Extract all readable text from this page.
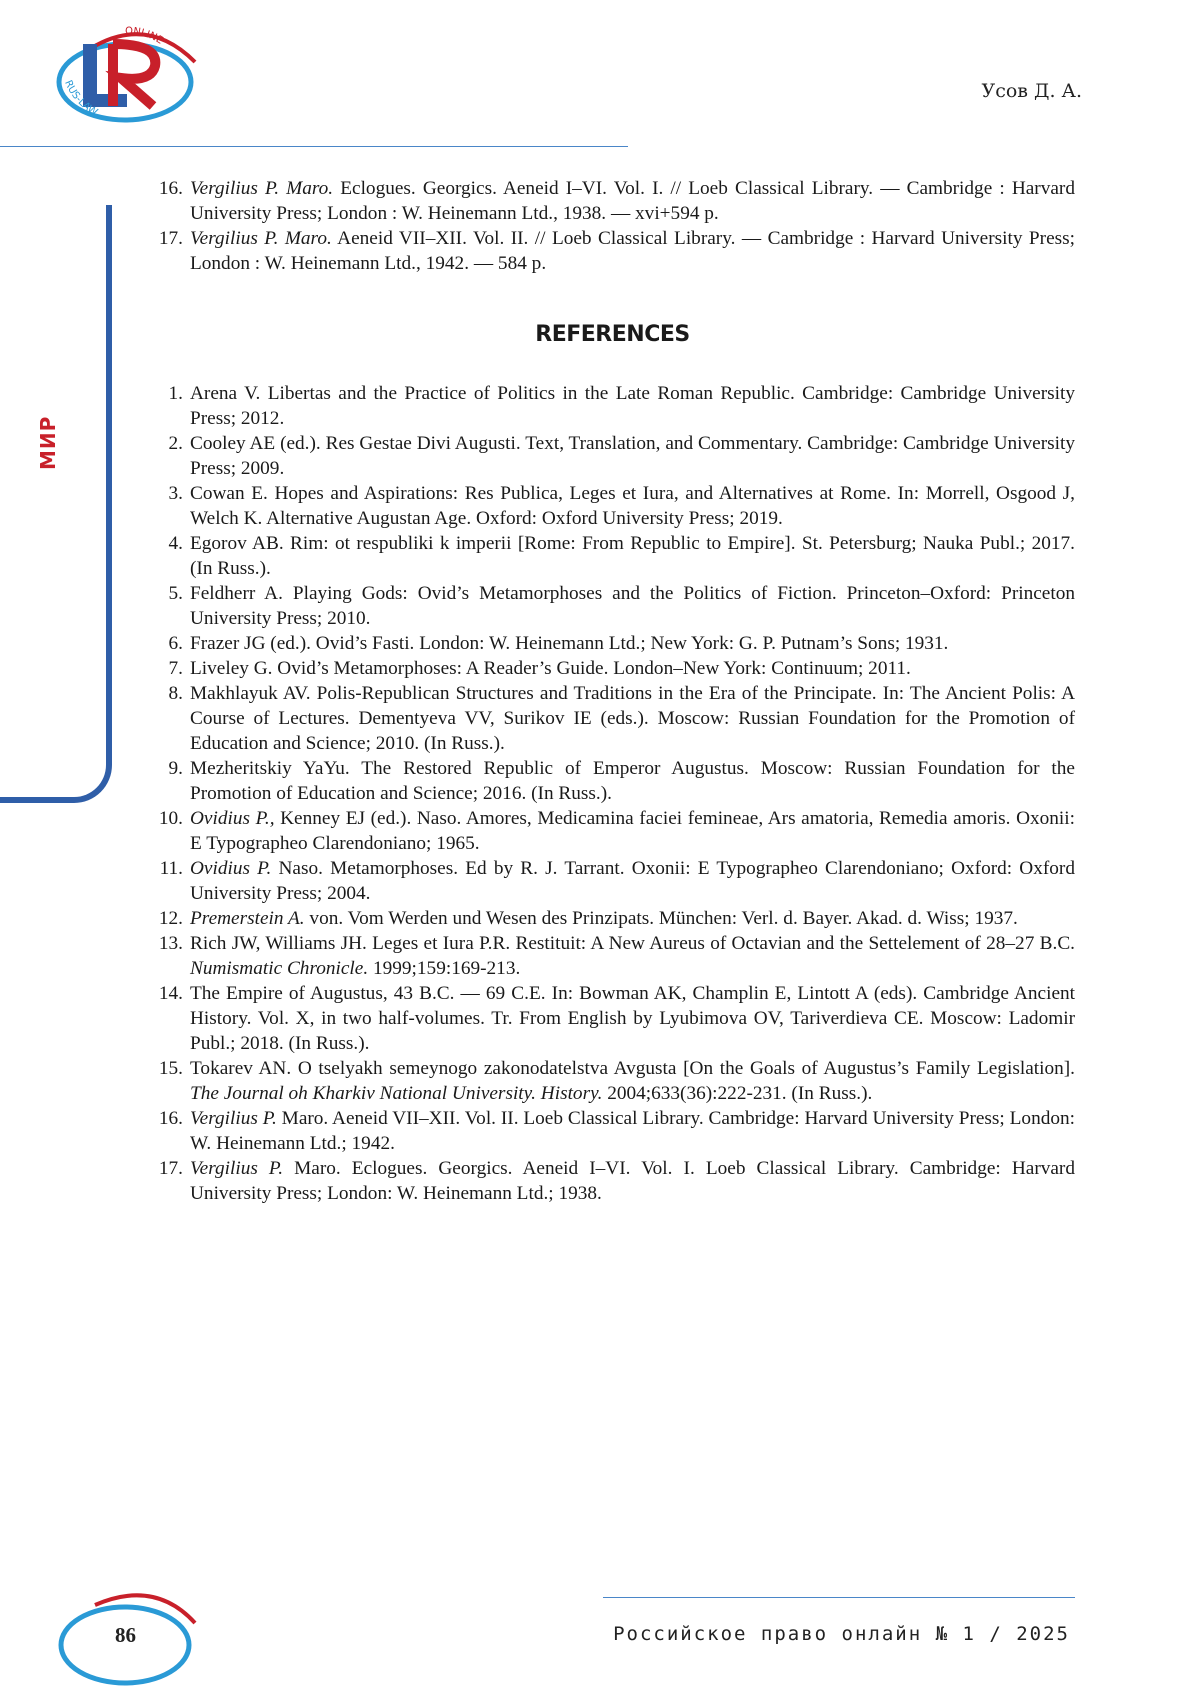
ONLINE
RUS-LAW
Усов Д. А.
МИР
16. Vergilius P. Maro. Eclogues. Georgics. Aeneid I–VI. Vol. I. // Loeb Classical Library. — Cambridge : Harvard University Press; London : W. Heinemann Ltd., 1938. — xvi+594 p.
17. Vergilius P. Maro. Aeneid VII–XII. Vol. II. // Loeb Classical Library. — Cambridge : Harvard University Press; London : W. Heinemann Ltd., 1942. — 584 p.
REFERENCES
1. Arena V. Libertas and the Practice of Politics in the Late Roman Republic. Cambridge: Cambridge University Press; 2012.
2. Cooley AE (ed.). Res Gestae Divi Augusti. Text, Translation, and Commentary. Cambridge: Cambridge University Press; 2009.
3. Cowan E. Hopes and Aspirations: Res Publica, Leges et Iura, and Alternatives at Rome. In: Morrell, Osgood J, Welch K. Alternative Augustan Age. Oxford: Oxford University Press; 2019.
4. Egorov AB. Rim: ot respubliki k imperii [Rome: From Republic to Empire]. St. Petersburg; Nauka Publ.; 2017. (In Russ.).
5. Feldherr A. Playing Gods: Ovid’s Metamorphoses and the Politics of Fiction. Princeton–Oxford: Princeton University Press; 2010.
6. Frazer JG (ed.). Ovid’s Fasti. London: W. Heinemann Ltd.; New York: G. P. Putnam’s Sons; 1931.
7. Liveley G. Ovid’s Metamorphoses: A Reader’s Guide. London–New York: Continuum; 2011.
8. Makhlayuk AV. Polis-Republican Structures and Traditions in the Era of the Principate. In: The Ancient Polis: A Course of Lectures. Dementyeva VV, Surikov IE (eds.). Moscow: Russian Foundation for the Promotion of Education and Science; 2010. (In Russ.).
9. Mezheritskiy YaYu. The Restored Republic of Emperor Augustus. Moscow: Russian Foundation for the Promotion of Education and Science; 2016. (In Russ.).
10. Ovidius P., Kenney EJ (ed.). Naso. Amores, Medicamina faciei femineae, Ars amatoria, Remedia amoris. Oxonii: E Typographeo Clarendoniano; 1965.
11. Ovidius P. Naso. Metamorphoses. Ed by R. J. Tarrant. Oxonii: E Typographeo Clarendoniano; Oxford: Oxford University Press; 2004.
12. Premerstein A. von. Vom Werden und Wesen des Prinzipats. München: Verl. d. Bayer. Akad. d. Wiss; 1937.
13. Rich JW, Williams JH. Leges et Iura P.R. Restituit: A New Aureus of Octavian and the Settelement of 28–27 B.C. Numismatic Chronicle. 1999;159:169-213.
14. The Empire of Augustus, 43 B.C. — 69 C.E. In: Bowman AK, Champlin E, Lintott A (eds). Cambridge Ancient History. Vol. X, in two half-volumes. Tr. From English by Lyubimova OV, Tariverdieva CE. Moscow: Ladomir Publ.; 2018. (In Russ.).
15. Tokarev AN. O tselyakh semeynogo zakonodatelstva Avgusta [On the Goals of Augustus’s Family Legislation]. The Journal oh Kharkiv National University. History. 2004;633(36):222-231. (In Russ.).
16. Vergilius P. Maro. Aeneid VII–XII. Vol. II. Loeb Classical Library. Cambridge: Harvard University Press; London: W. Heinemann Ltd.; 1942.
17. Vergilius P. Maro. Eclogues. Georgics. Aeneid I–VI. Vol. I. Loeb Classical Library. Cambridge: Harvard University Press; London: W. Heinemann Ltd.; 1938.
86	Российское право онлайн № 1 / 2025
